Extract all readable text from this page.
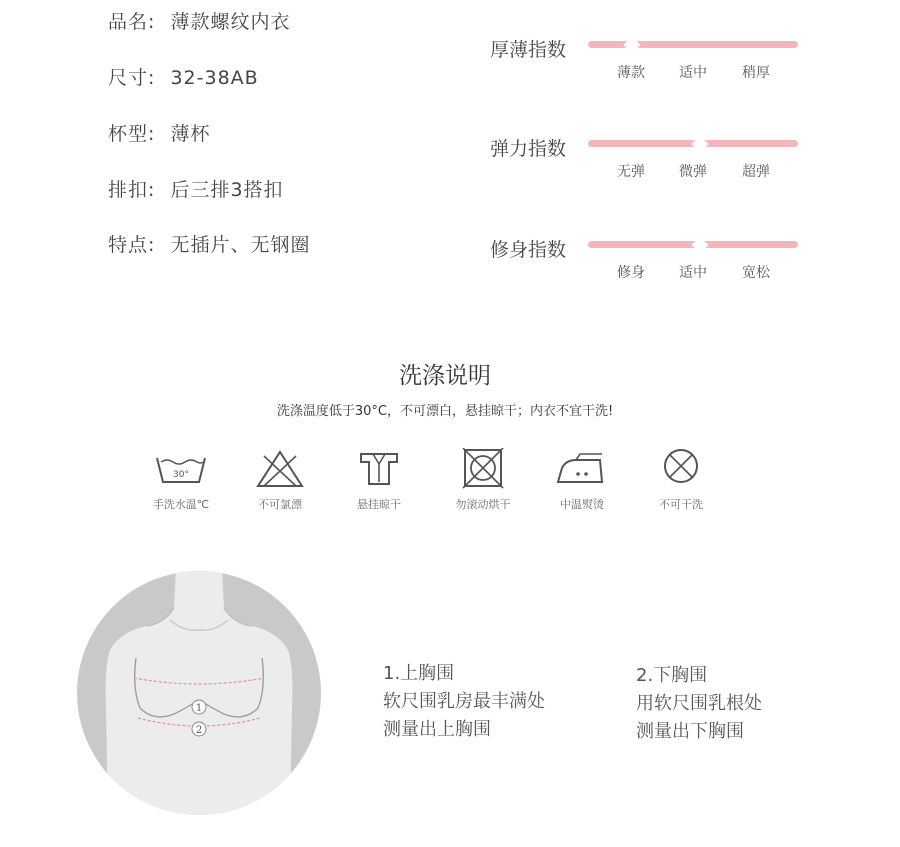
品名: 薄款螺纹内衣
尺寸: 32-38AB
杯型: 薄杯
排扣: 后三排3搭扣
特点: 无插片、无钢圈
厚薄指数
薄款 适中	稍厚
弹力指数
无弹 微弹	超弹
修身指数
修身 适中	宽松
洗涤说明
洗涤温度低于30°C，不可漂白，悬挂晾干；内衣不宜干洗!
30°
手洗水温℃	不可氯漂	悬挂晾干	勿滚动烘干	中温熨烫	不可干洗
1
2
1.上胸围
软尺围乳房最丰满处
测量出上胸围
2.下胸围
用软尺围乳根处
测量出下胸围
